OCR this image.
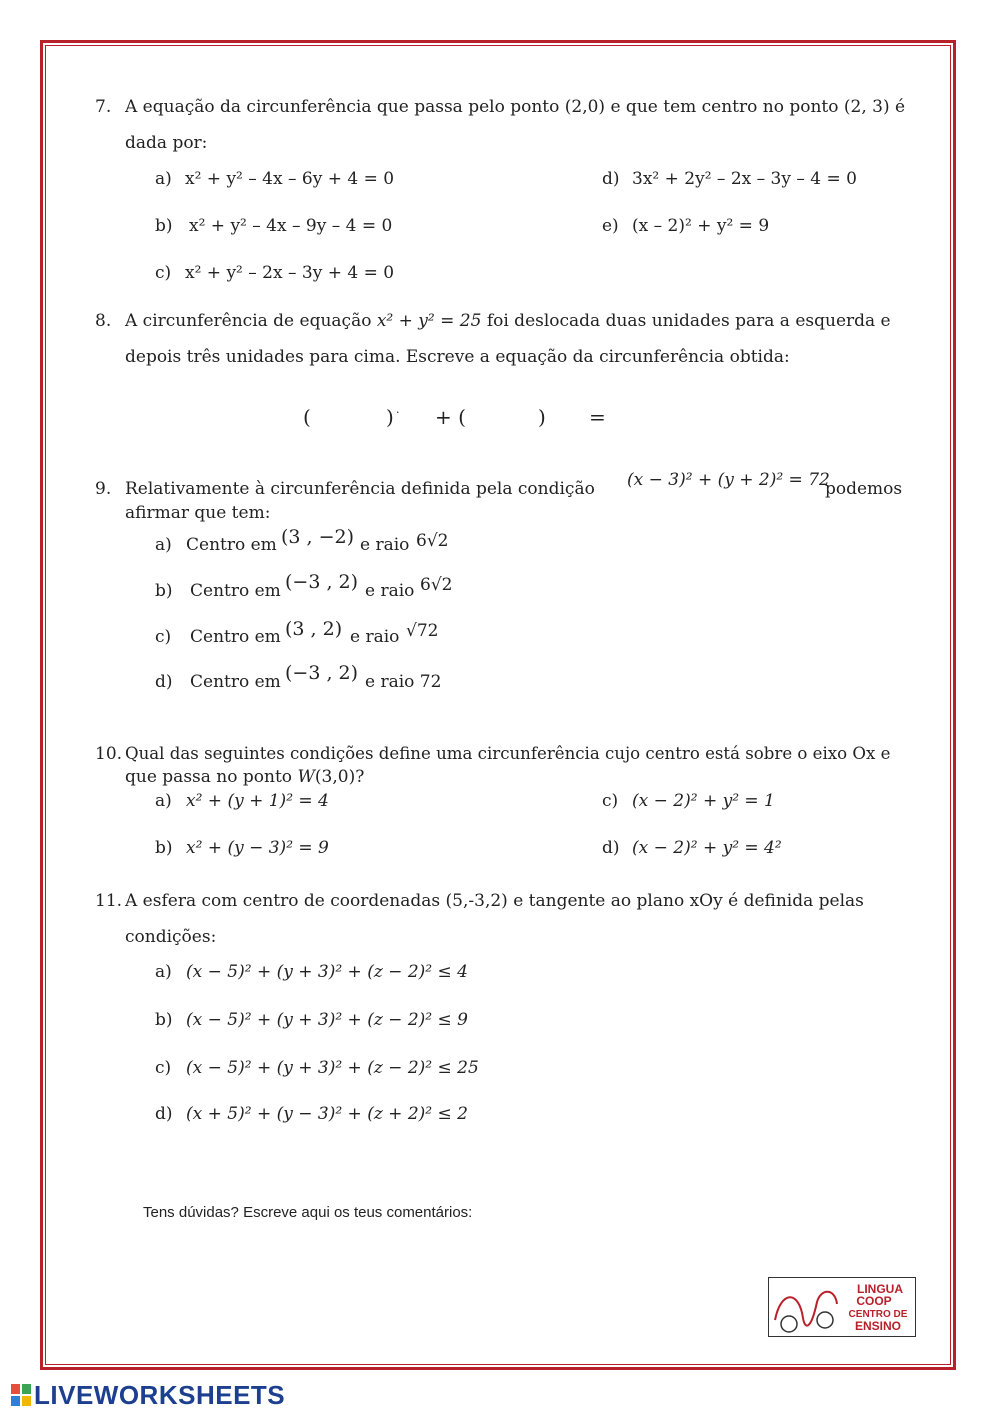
7. A equação da circunferência que passa pelo ponto (2,0) e que tem centro no ponto (2, 3) é
dada por:
a) x² + y² – 4x – 6y + 4 = 0
b) x² + y² – 4x – 9y – 4 = 0
c) x² + y² – 2x – 3y + 4 = 0
d) 3x² + 2y² – 2x – 3y – 4 = 0
e) (x – 2)² + y² = 9
8. A circunferência de equação x² + y² = 25 foi deslocada duas unidades para a esquerda e
depois três unidades para cima. Escreve a equação da circunferência obtida:
(	) · + (	) =
9. Relativamente à circunferência definida pela condição (x − 3)² + (y + 2)² = 72
podemos
afirmar que tem:
a) Centro em (3 , −2) e raio 6√2
b) Centro em (−3 , 2) e raio 6√2
c) Centro em (3 , 2) e raio √72
d) Centro em (−3 , 2) e raio 72
10. Qual das seguintes condições define uma circunferência cujo centro está sobre o eixo Ox e
que passa no ponto W(3,0)?
a) x² + (y + 1)² = 4
b) x² + (y − 3)² = 9
c) (x − 2)² + y² = 1
d) (x − 2)² + y² = 4²
11. A esfera com centro de coordenadas (5,-3,2) e tangente ao plano xOy é definida pelas
condições:
a) (x − 5)² + (y + 3)² + (z − 2)² ≤ 4
b) (x − 5)² + (y + 3)² + (z − 2)² ≤ 9
c) (x − 5)² + (y + 3)² + (z − 2)² ≤ 25
d) (x + 5)² + (y − 3)² + (z + 2)² ≤ 2
Tens dúvidas? Escreve aqui os teus comentários:
LINGUA
COOP
CENTRO DE
ENSINO
LIVEWORKSHEETS
